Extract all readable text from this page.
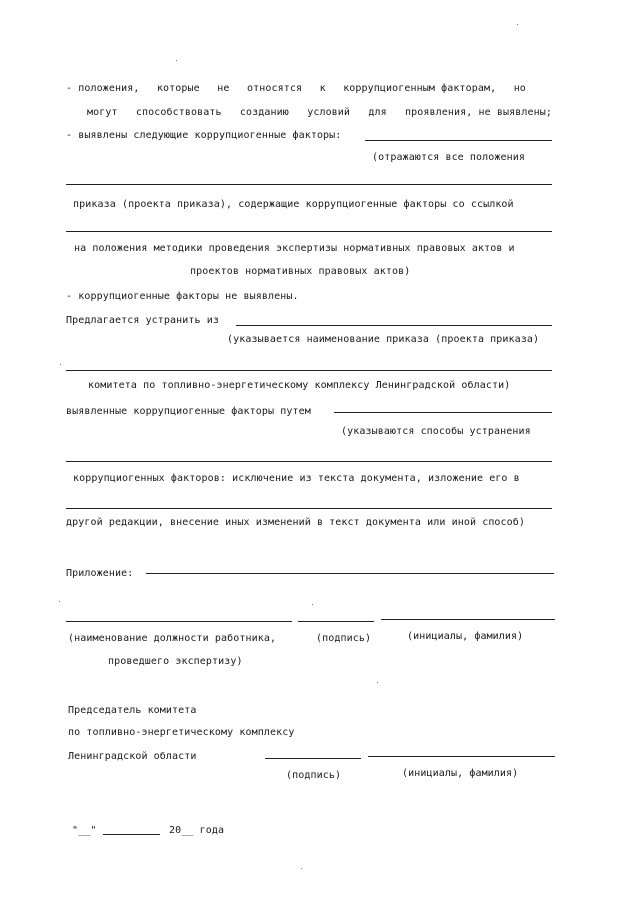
- положения, которые не относятся к коррупциогенным факторам, но
могут способствовать созданию условий для проявления, не выявлены;
- выявлены следующие коррупциогенные факторы:
(отражаются все положения
приказа (проекта приказа), содержащие коррупциогенные факторы со ссылкой
на положения методики проведения экспертизы нормативных правовых актов и
проектов нормативных правовых актов)
- коррупциогенные факторы не выявлены.
Предлагается устранить из
(указывается наименование приказа (проекта приказа)
комитета по топливно-энергетическому комплексу Ленинградской области)
выявленные коррупциогенные факторы путем
(указываются способы устранения
коррупциогенных факторов: исключение из текста документа, изложение его в
другой редакции, внесение иных изменений в текст документа или иной способ)
Приложение:
(наименование должности работника,	(подпись)	(инициалы, фамилия)
проведшего экспертизу)
Председатель комитета
по топливно-энергетическому комплексу
Ленинградской области
(подпись)	(инициалы, фамилия)
"__"	20__ года
